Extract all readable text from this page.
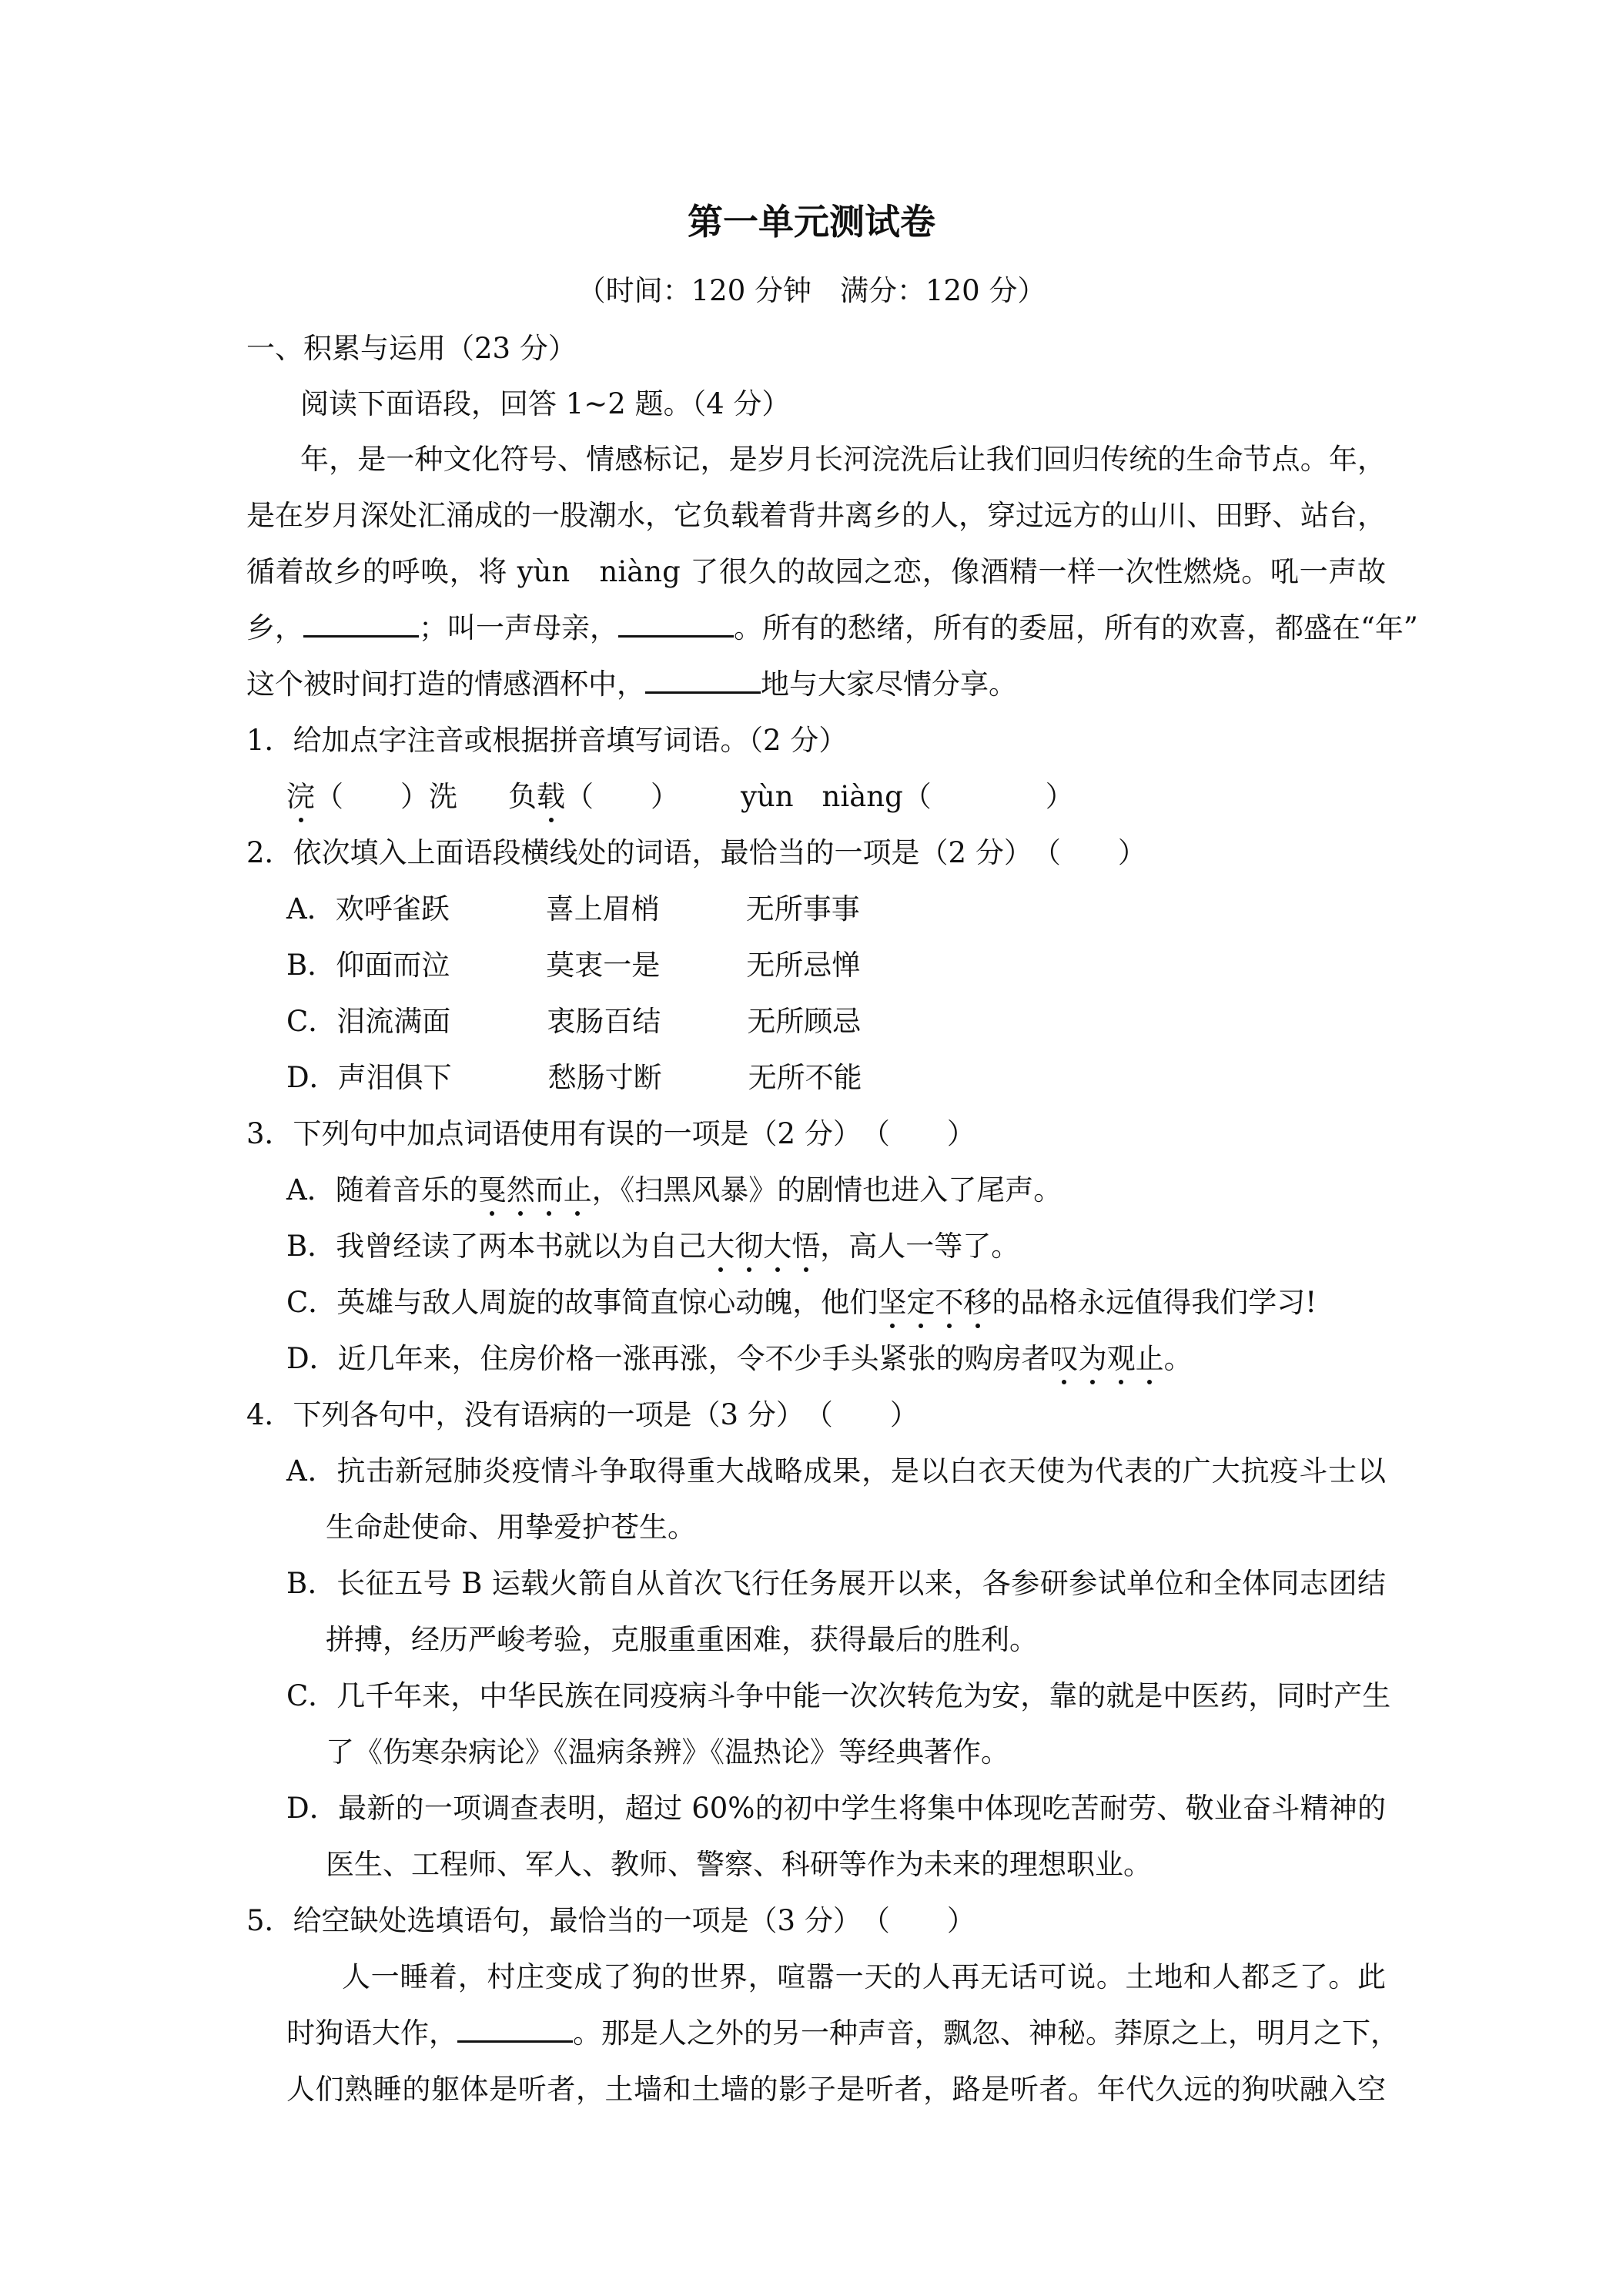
第一单元测试卷
（时间：120 分钟　满分：120 分）
一、积累与运用（23 分）
阅读下面语段，回答 1~2 题。（4 分）
年，是一种文化符号、情感标记，是岁月长河浣洗后让我们回归传统的生命节点。年，
是在岁月深处汇涌成的一股潮水，它负载着背井离乡的人，穿过远方的山川、田野、站台，
循着故乡的呼唤，将 yùn　niàng 了很久的故园之恋，像酒精一样一次性燃烧。吼一声故
乡，	；叫一声母亲，	。所有的愁绪，所有的委屈，所有的欢喜，都盛在“年”
这个被时间打造的情感酒杯中，	地与大家尽情分享。
1．给加点字注音或根据拼音填写词语。（2 分）
浣（　　）洗 负载（　　） yùn　niàng（　　　　）
2．依次填入上面语段横线处的词语，最恰当的一项是（2 分）　（　　）
A．欢呼雀跃	喜上眉梢	无所事事
B．仰面而泣	莫衷一是	无所忌惮
C．泪流满面	衷肠百结	无所顾忌
D．声泪俱下	愁肠寸断	无所不能
3．下列句中加点词语使用有误的一项是（2 分）　（　　）
A．随着音乐的戛然而止，《扫黑风暴》的剧情也进入了尾声。
B．我曾经读了两本书就以为自己大彻大悟，高人一等了。
C．英雄与敌人周旋的故事简直惊心动魄，他们坚定不移的品格永远值得我们学习!
D．近几年来，住房价格一涨再涨，令不少手头紧张的购房者叹为观止。
4．下列各句中，没有语病的一项是（3 分）　（　　）
A．抗击新冠肺炎疫情斗争取得重大战略成果，是以白衣天使为代表的广大抗疫斗士以
生命赴使命、用挚爱护苍生。
B．长征五号 B 运载火箭自从首次飞行任务展开以来，各参研参试单位和全体同志团结
拼搏，经历严峻考验，克服重重困难，获得最后的胜利。
C．几千年来，中华民族在同疫病斗争中能一次次转危为安，靠的就是中医药，同时产生
了《伤寒杂病论》《温病条辨》《温热论》等经典著作。
D．最新的一项调查表明，超过 60%的初中学生将集中体现吃苦耐劳、敬业奋斗精神的
医生、工程师、军人、教师、警察、科研等作为未来的理想职业。
5．给空缺处选填语句，最恰当的一项是（3 分）　（　　）
人一睡着，村庄变成了狗的世界，喧嚣一天的人再无话可说。土地和人都乏了。此
时狗语大作，	。那是人之外的另一种声音，飘忽、神秘。莽原之上，明月之下，
人们熟睡的躯体是听者，土墙和土墙的影子是听者，路是听者。年代久远的狗吠融入空
